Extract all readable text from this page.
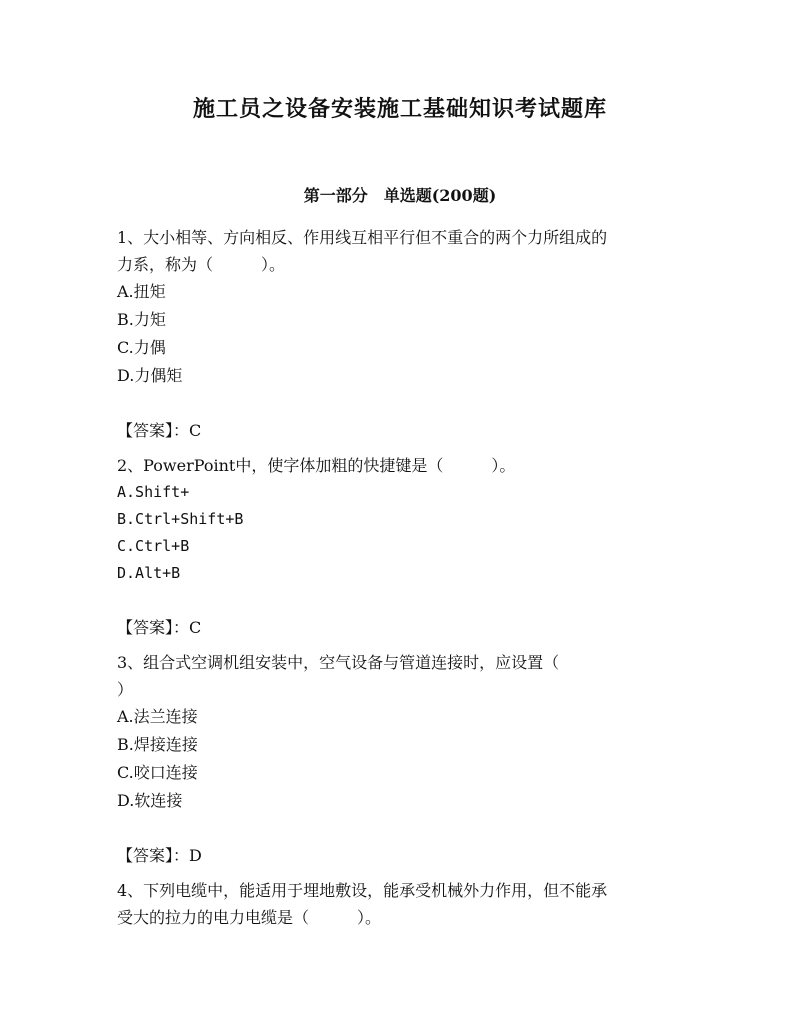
施工员之设备安装施工基础知识考试题库
第一部分　单选题(200题)

1、大小相等、方向相反、作用线互相平行但不重合的两个力所组成的

力系，称为（　　　）。

A.扭矩

B.力矩

C.力偶

D.力偶矩

【答案】：C

2、PowerPoint中，使字体加粗的快捷键是（　　　）。

A.Shift+

B.Ctrl+Shift+B

C.Ctrl+B

D.Alt+B

【答案】：C

3、组合式空调机组安装中，空气设备与管道连接时，应设置（

）

A.法兰连接

B.焊接连接

C.咬口连接

D.软连接

【答案】：D

4、下列电缆中，能适用于埋地敷设，能承受机械外力作用，但不能承

受大的拉力的电力电缆是（　　　）。
